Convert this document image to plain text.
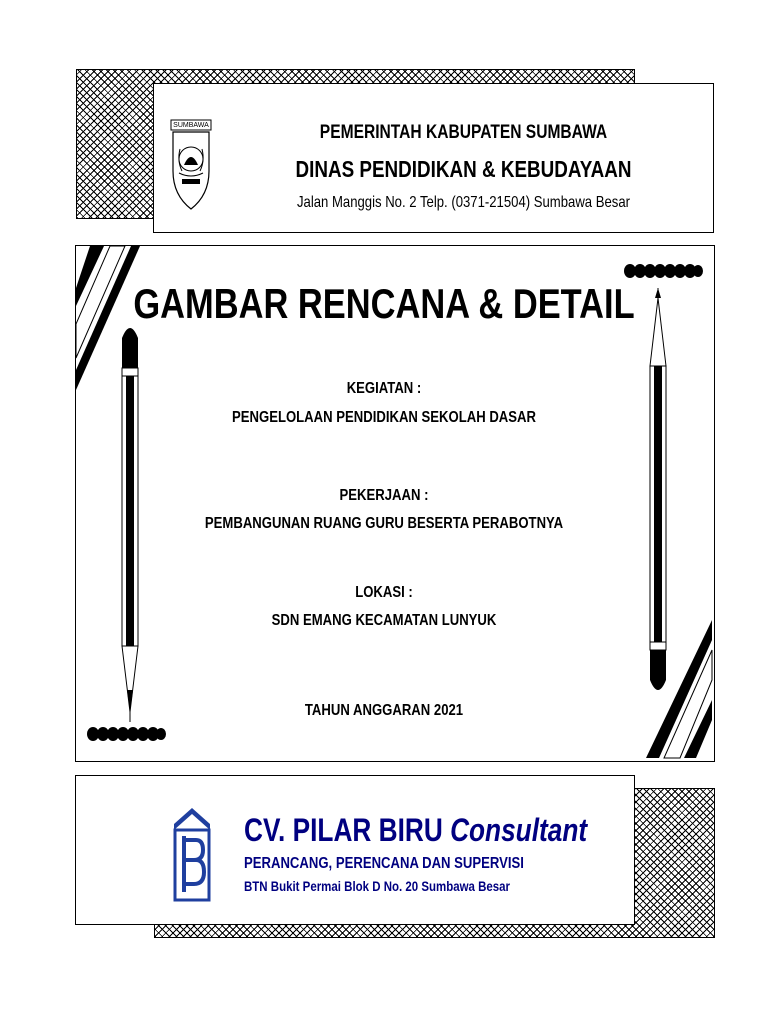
SUMBAWA	PEMERINTAH KABUPATEN SUMBAWA
DINAS PENDIDIKAN & KEBUDAYAAN
Jalan Manggis No. 2 Telp. (0371-21504) Sumbawa Besar
GAMBAR RENCANA & DETAIL
KEGIATAN :
PENGELOLAAN PENDIDIKAN SEKOLAH DASAR
PEKERJAAN :
PEMBANGUNAN RUANG GURU BESERTA PERABOTNYA
LOKASI :
SDN EMANG KECAMATAN LUNYUK
TAHUN ANGGARAN 2021
CV. PILAR BIRU Consultant
PERANCANG, PERENCANA DAN SUPERVISI
BTN Bukit Permai Blok D No. 20 Sumbawa Besar
